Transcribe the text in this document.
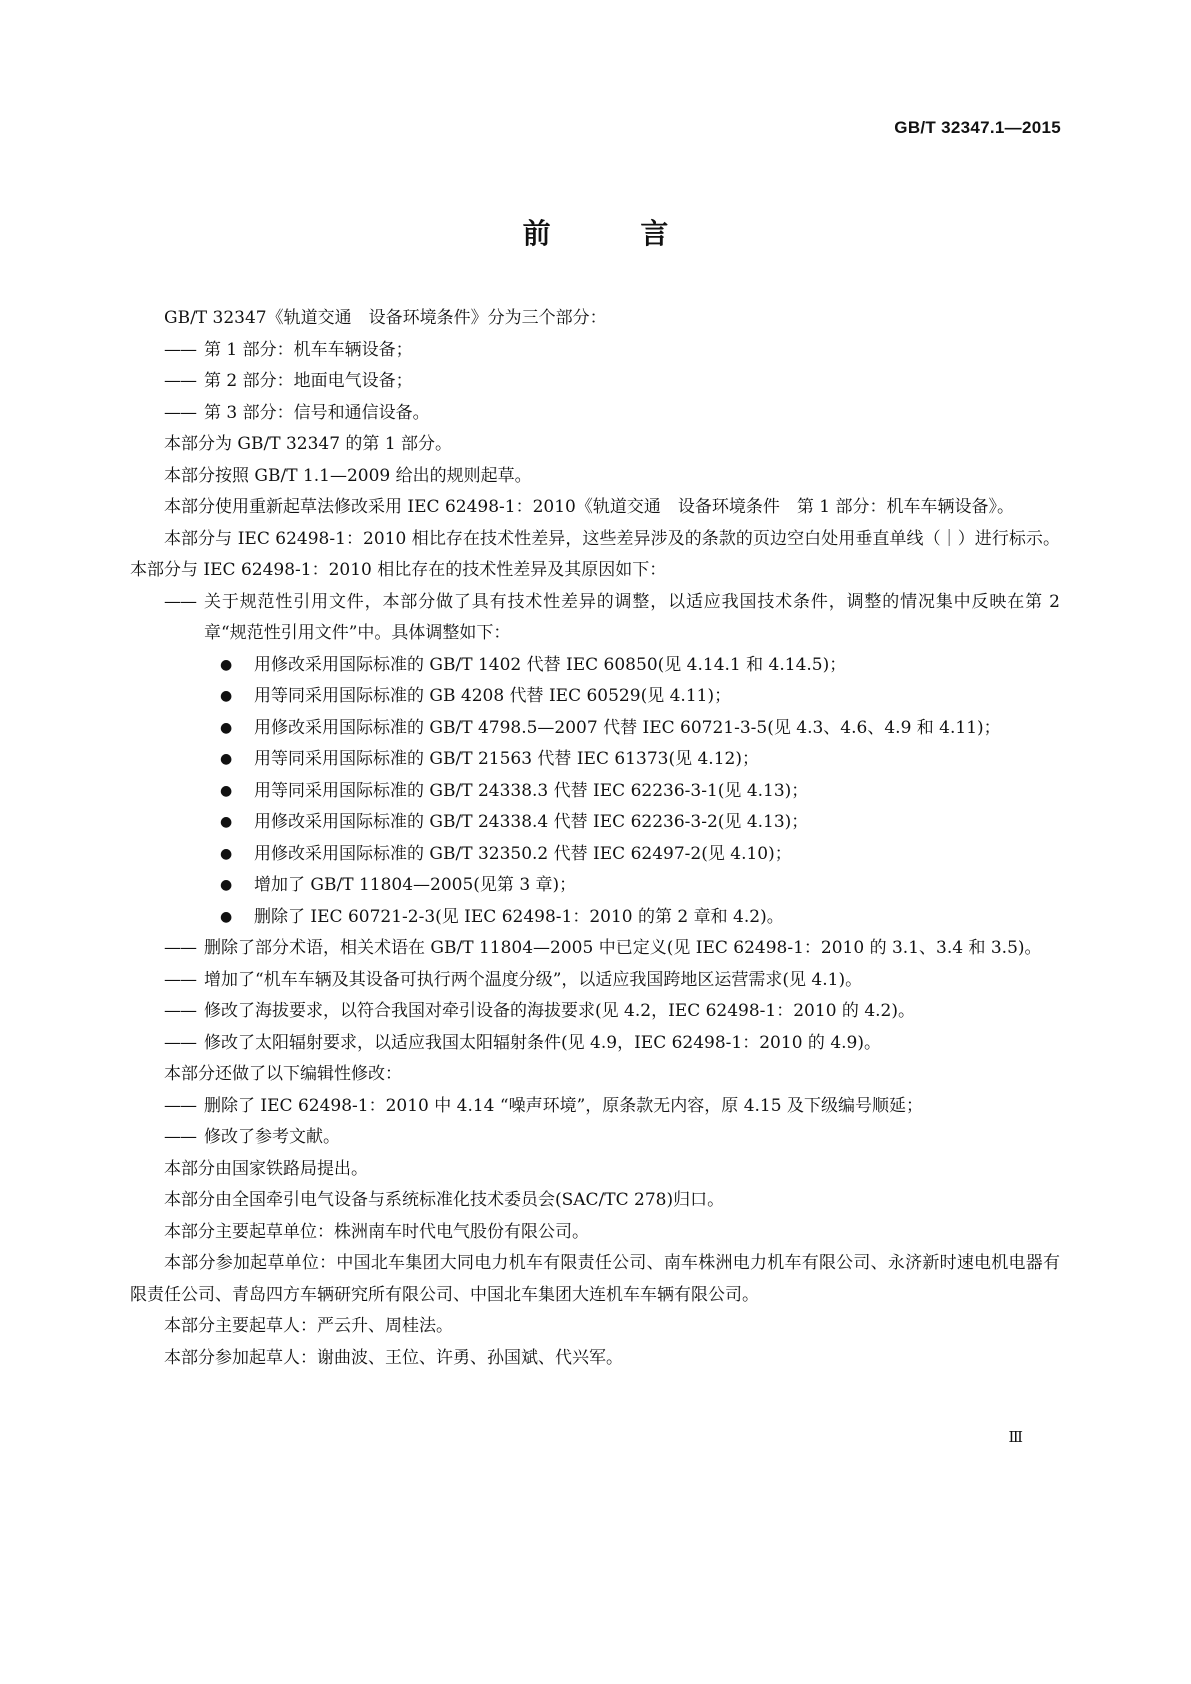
GB/T 32347.1—2015
前 言
GB/T 32347《轨道交通　设备环境条件》分为三个部分：
—— 第 1 部分：机车车辆设备；
—— 第 2 部分：地面电气设备；
—— 第 3 部分：信号和通信设备。
本部分为 GB/T 32347 的第 1 部分。
本部分按照 GB/T 1.1—2009 给出的规则起草。
本部分使用重新起草法修改采用 IEC 62498-1：2010《轨道交通　设备环境条件　第 1 部分：机车车辆设备》。
本部分与 IEC 62498-1：2010 相比存在技术性差异，这些差异涉及的条款的页边空白处用垂直单线（｜）进行标示。本部分与 IEC 62498-1：2010 相比存在的技术性差异及其原因如下：
—— 关于规范性引用文件，本部分做了具有技术性差异的调整，以适应我国技术条件，调整的情况集中反映在第 2 章“规范性引用文件”中。具体调整如下：
●	用修改采用国际标准的 GB/T 1402 代替 IEC 60850(见 4.14.1 和 4.14.5)；
●	用等同采用国际标准的 GB 4208 代替 IEC 60529(见 4.11)；
●	用修改采用国际标准的 GB/T 4798.5—2007 代替 IEC 60721-3-5(见 4.3、4.6、4.9 和 4.11)；
●	用等同采用国际标准的 GB/T 21563 代替 IEC 61373(见 4.12)；
●	用等同采用国际标准的 GB/T 24338.3 代替 IEC 62236-3-1(见 4.13)；
●	用修改采用国际标准的 GB/T 24338.4 代替 IEC 62236-3-2(见 4.13)；
●	用修改采用国际标准的 GB/T 32350.2 代替 IEC 62497-2(见 4.10)；
●	增加了 GB/T 11804—2005(见第 3 章)；
●	删除了 IEC 60721-2-3(见 IEC 62498-1：2010 的第 2 章和 4.2)。
—— 删除了部分术语，相关术语在 GB/T 11804—2005 中已定义(见 IEC 62498-1：2010 的 3.1、3.4 和 3.5)。
—— 增加了“机车车辆及其设备可执行两个温度分级”，以适应我国跨地区运营需求(见 4.1)。
—— 修改了海拔要求，以符合我国对牵引设备的海拔要求(见 4.2，IEC 62498-1：2010 的 4.2)。
—— 修改了太阳辐射要求，以适应我国太阳辐射条件(见 4.9，IEC 62498-1：2010 的 4.9)。
本部分还做了以下编辑性修改：
—— 删除了 IEC 62498-1：2010 中 4.14 “噪声环境”，原条款无内容，原 4.15 及下级编号顺延；
—— 修改了参考文献。
本部分由国家铁路局提出。
本部分由全国牵引电气设备与系统标准化技术委员会(SAC/TC 278)归口。
本部分主要起草单位：株洲南车时代电气股份有限公司。
本部分参加起草单位：中国北车集团大同电力机车有限责任公司、南车株洲电力机车有限公司、永济新时速电机电器有限责任公司、青岛四方车辆研究所有限公司、中国北车集团大连机车车辆有限公司。
本部分主要起草人：严云升、周桂法。
本部分参加起草人：谢曲波、王位、许勇、孙国斌、代兴军。
Ⅲ
